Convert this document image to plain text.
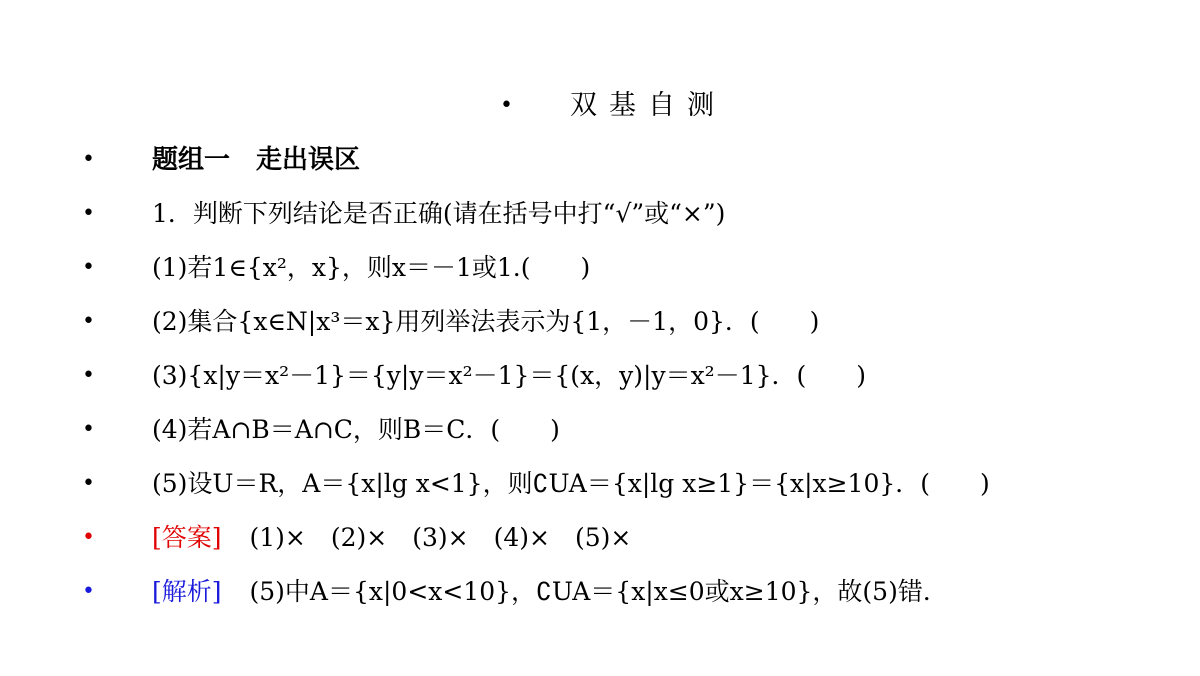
• 双基自测
• 题组一　走出误区
• 1．判断下列结论是否正确(请在括号中打“√”或“×”)
• (1)若1∈{x²，x}，则x＝－1或1.(　　)
• (2)集合{x∈N|x³＝x}用列举法表示为{1，－1，0}．(　　)
• (3){x|y＝x²－1}＝{y|y＝x²－1}＝{(x，y)|y＝x²－1}．(　　)
• (4)若A∩B＝A∩C，则B＝C．(　　)
• (5)设U＝R，A＝{x|lg x<1}，则∁UA＝{x|lg x≥1}＝{x|x≥10}．(　　)
• [答案] (1)×　(2)×　(3)×　(4)×　(5)×
• [解析] (5)中A＝{x|0<x<10}，∁UA＝{x|x≤0或x≥10}，故(5)错．
